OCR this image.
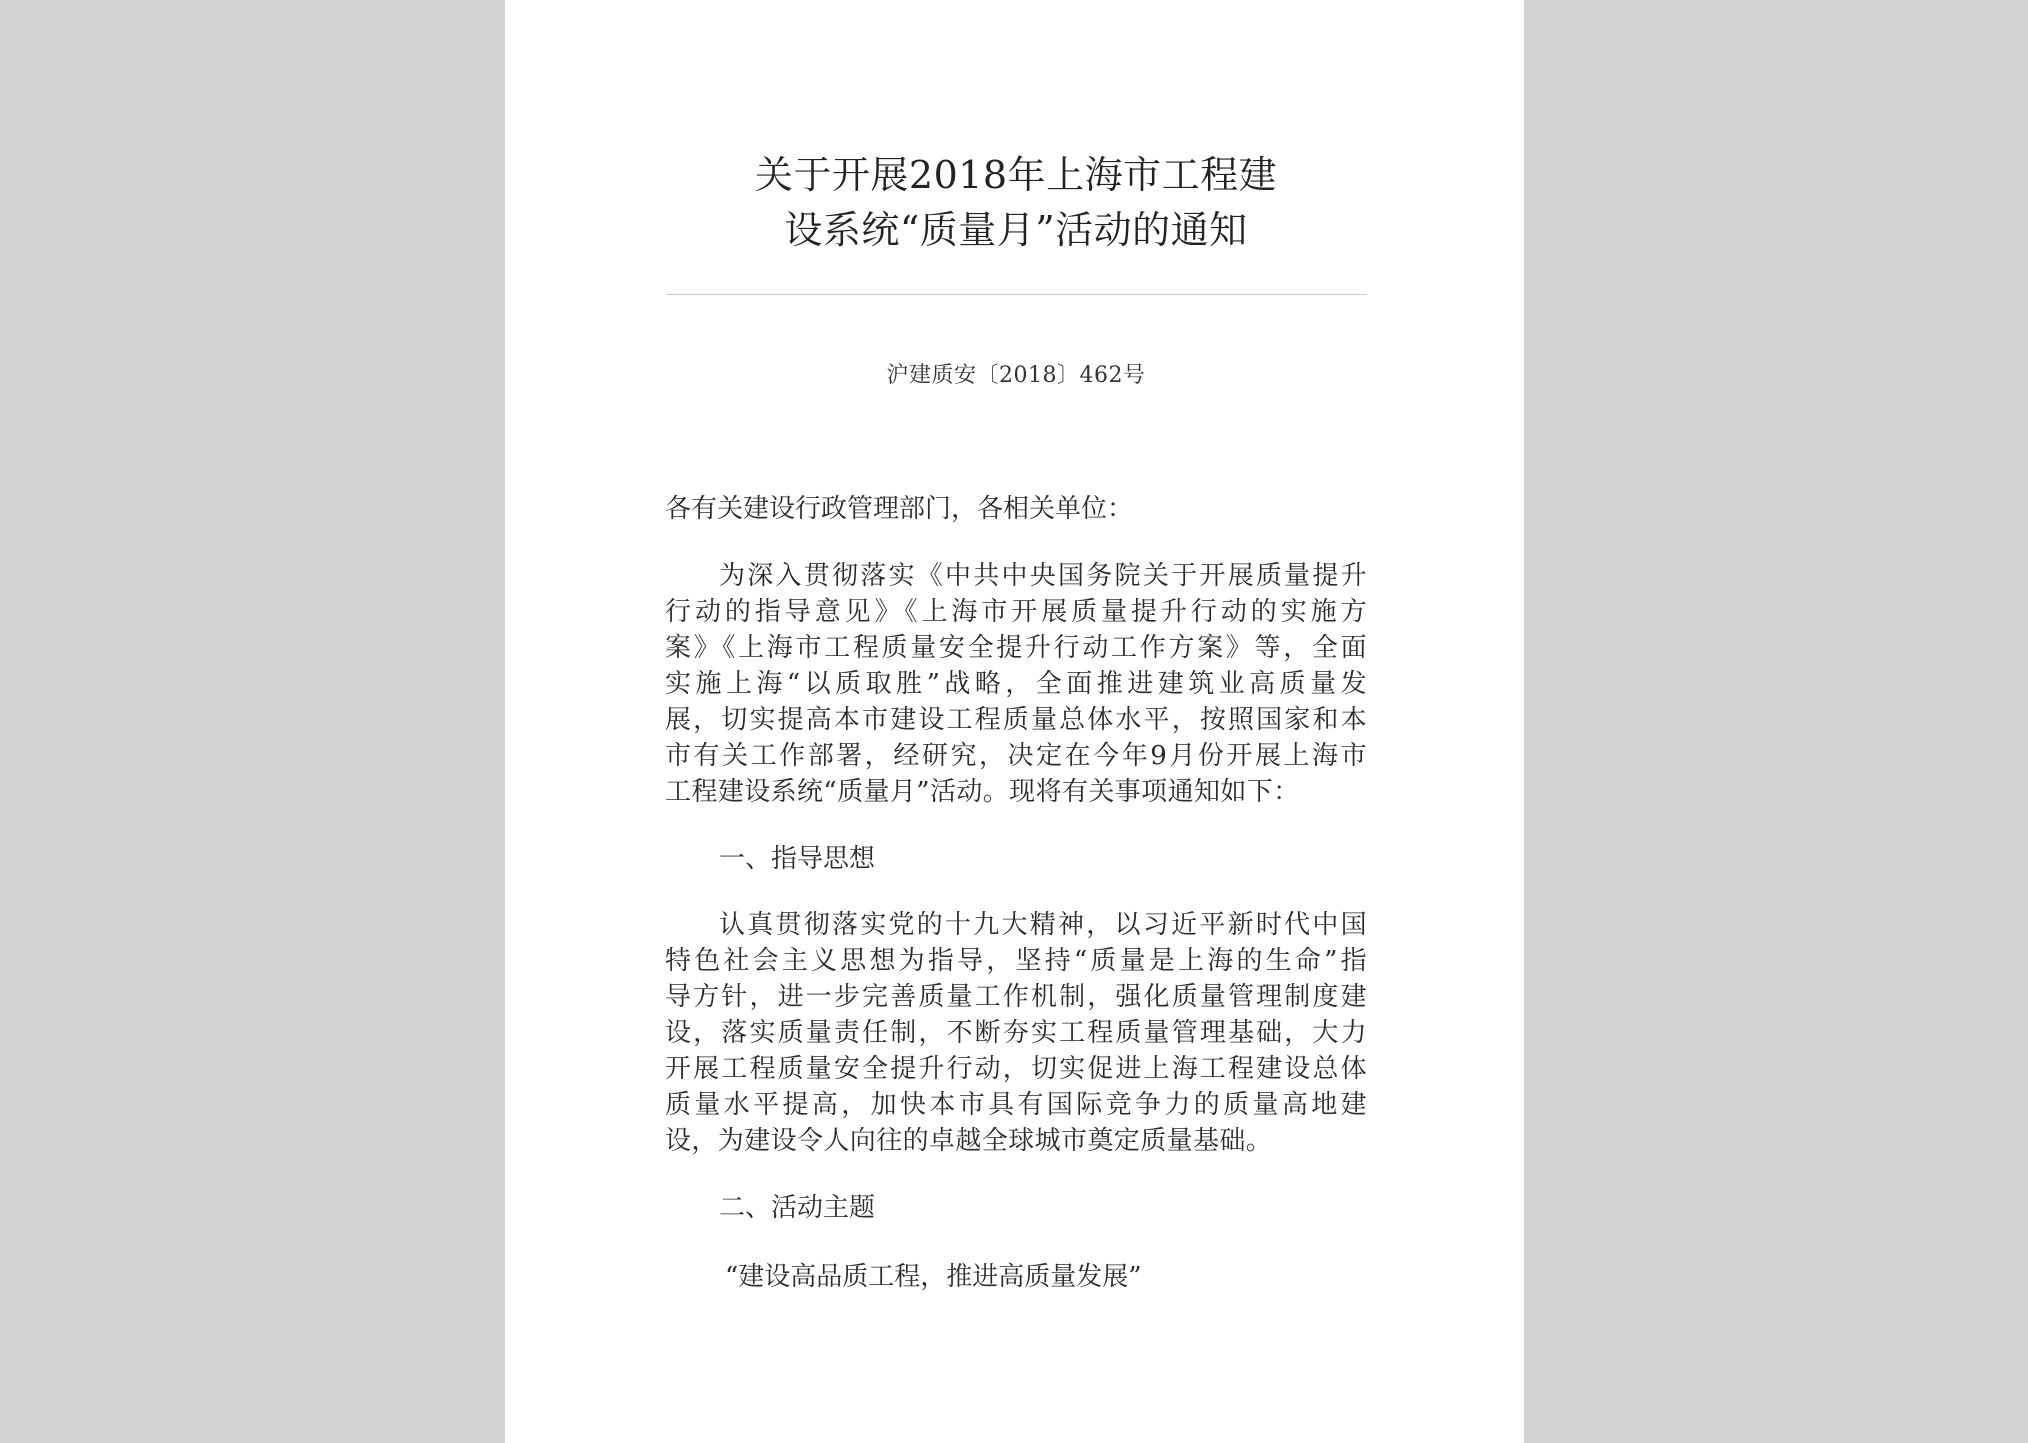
关于开展2018年上海市工程建
设系统“质量月”活动的通知
沪建质安〔2018〕462号
各有关建设行政管理部门，各相关单位：
为深入贯彻落实《中共中央国务院关于开展质量提升
行动的指导意见》《上海市开展质量提升行动的实施方
案》《上海市工程质量安全提升行动工作方案》等，全面
实施上海“以质取胜”战略，全面推进建筑业高质量发
展，切实提高本市建设工程质量总体水平，按照国家和本
市有关工作部署，经研究，决定在今年9月份开展上海市
工程建设系统“质量月”活动。现将有关事项通知如下：
一、指导思想
认真贯彻落实党的十九大精神，以习近平新时代中国
特色社会主义思想为指导，坚持“质量是上海的生命”指
导方针，进一步完善质量工作机制，强化质量管理制度建
设，落实质量责任制，不断夯实工程质量管理基础，大力
开展工程质量安全提升行动，切实促进上海工程建设总体
质量水平提高，加快本市具有国际竞争力的质量高地建
设，为建设令人向往的卓越全球城市奠定质量基础。
二、活动主题
“建设高品质工程，推进高质量发展”
